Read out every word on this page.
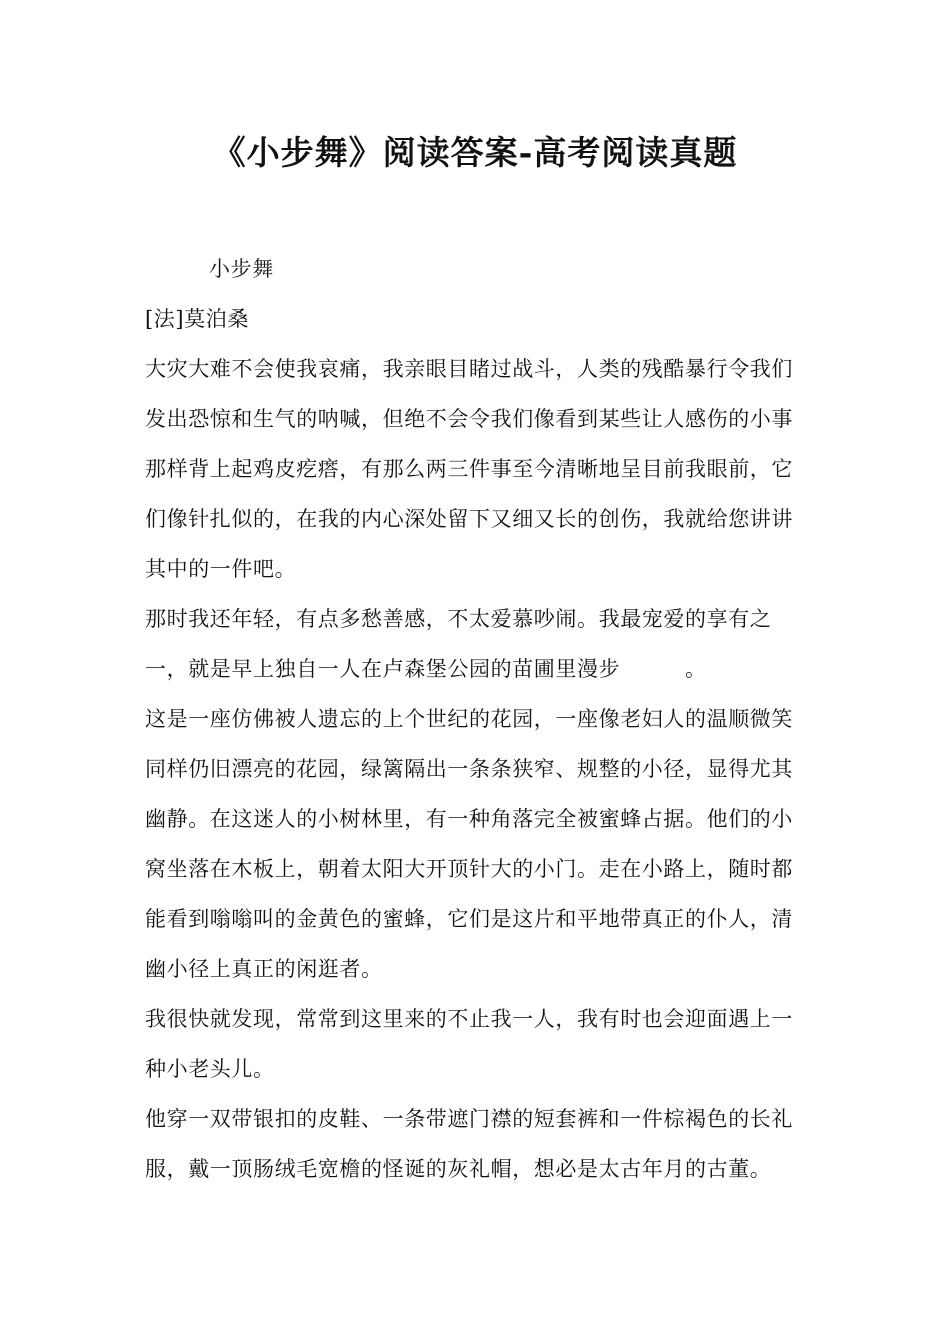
《小步舞》阅读答案-高考阅读真题

小步舞

[法]莫泊桑

大灾大难不会使我哀痛，我亲眼目睹过战斗，人类的残酷暴行令我们发出恐惊和生气的呐喊，但绝不会令我们像看到某些让人感伤的小事那样背上起鸡皮疙瘩，有那么两三件事至今清晰地呈目前我眼前，它们像针扎似的，在我的内心深处留下又细又长的创伤，我就给您讲讲其中的一件吧。

那时我还年轻，有点多愁善感，不太爱慕吵闹。我最宠爱的享有之一，就是早上独自一人在卢森堡公园的苗圃里漫步　　　。

这是一座仿佛被人遗忘的上个世纪的花园，一座像老妇人的温顺微笑同样仍旧漂亮的花园，绿篱隔出一条条狭窄、规整的小径，显得尤其幽静。在这迷人的小树林里，有一种角落完全被蜜蜂占据。他们的小窝坐落在木板上，朝着太阳大开顶针大的小门。走在小路上，随时都能看到嗡嗡叫的金黄色的蜜蜂，它们是这片和平地带真正的仆人，清幽小径上真正的闲逛者。

我很快就发现，常常到这里来的不止我一人，我有时也会迎面遇上一种小老头儿。

他穿一双带银扣的皮鞋、一条带遮门襟的短套裤和一件棕褐色的长礼服，戴一顶肠绒毛宽檐的怪诞的灰礼帽，想必是太古年月的古董。
